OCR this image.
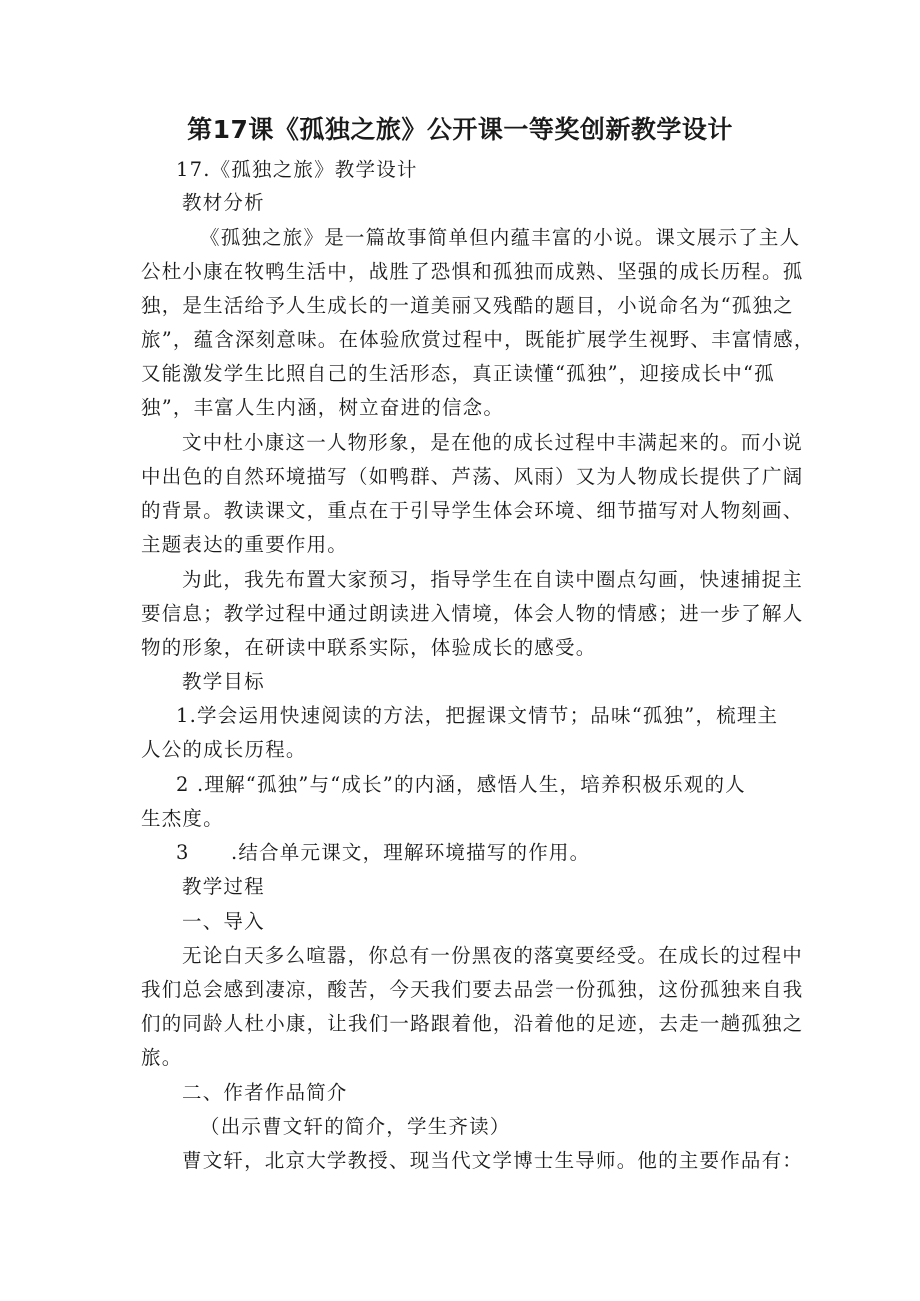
第17课《孤独之旅》公开课一等奖创新教学设计
17.《孤独之旅》教学设计
教材分析
《孤独之旅》是一篇故事简单但内蕴丰富的小说。课文展示了主人
公杜小康在牧鸭生活中，战胜了恐惧和孤独而成熟、坚强的成长历程。孤
独，是生活给予人生成长的一道美丽又残酷的题目，小说命名为“孤独之
旅”，蕴含深刻意味。在体验欣赏过程中，既能扩展学生视野、丰富情感，
又能激发学生比照自己的生活形态，真正读懂“孤独”，迎接成长中“孤
独”，丰富人生内涵，树立奋进的信念。
文中杜小康这一人物形象，是在他的成长过程中丰满起来的。而小说
中出色的自然环境描写（如鸭群、芦荡、风雨）又为人物成长提供了广阔
的背景。教读课文，重点在于引导学生体会环境、细节描写对人物刻画、
主题表达的重要作用。
为此，我先布置大家预习，指导学生在自读中圈点勾画，快速捕捉主
要信息；教学过程中通过朗读进入情境，体会人物的情感；进一步了解人
物的形象，在研读中联系实际，体验成长的感受。
教学目标
1.学会运用快速阅读的方法，把握课文情节；品味“孤独”，梳理主
人公的成长历程。
2 .理解“孤独”与“成长”的内涵，感悟人生，培养积极乐观的人
生杰度。
3　　.结合单元课文，理解环境描写的作用。
教学过程
一、导入
无论白天多么喧嚣，你总有一份黑夜的落寞要经受。在成长的过程中
我们总会感到凄凉，酸苦，今天我们要去品尝一份孤独，这份孤独来自我
们的同龄人杜小康，让我们一路跟着他，沿着他的足迹，去走一趟孤独之
旅。
二、作者作品简介
（出示曹文轩的简介，学生齐读）
曹文轩，北京大学教授、现当代文学博士生导师。他的主要作品有：
